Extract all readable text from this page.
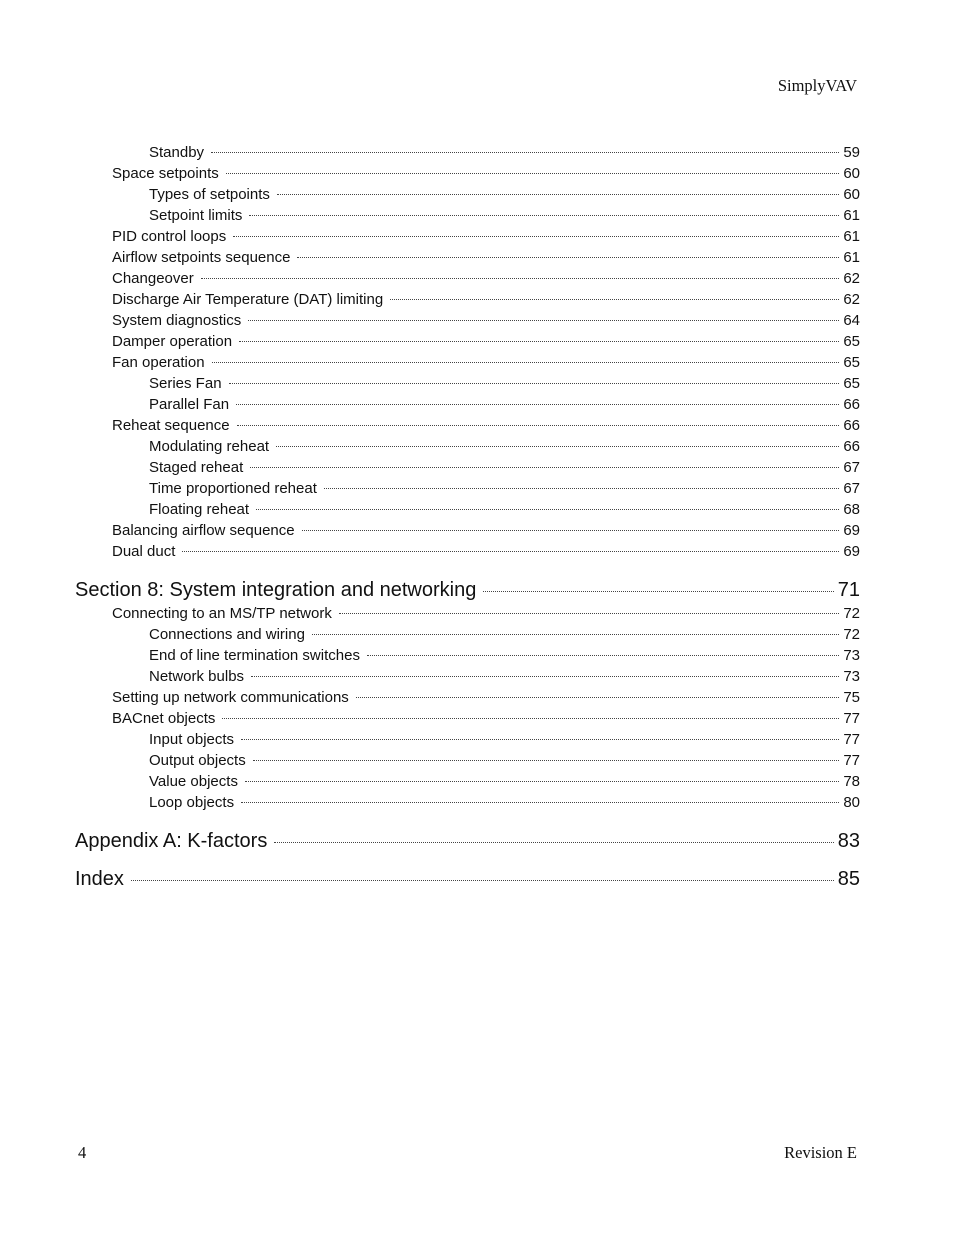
SimplyVAV
Standby	59
Space setpoints	60
Types of setpoints	60
Setpoint limits	61
PID control loops	61
Airflow setpoints sequence	61
Changeover	62
Discharge Air Temperature (DAT) limiting	62
System diagnostics	64
Damper operation	65
Fan operation	65
Series Fan	65
Parallel Fan	66
Reheat sequence	66
Modulating reheat	66
Staged reheat	67
Time proportioned reheat	67
Floating reheat	68
Balancing airflow sequence	69
Dual duct	69
Section 8: System integration and networking	71
Connecting to an MS/TP network	72
Connections and wiring	72
End of line termination switches	73
Network bulbs	73
Setting up network communications	75
BACnet objects	77
Input objects	77
Output objects	77
Value objects	78
Loop objects	80
Appendix A: K-factors	83
Index	85
4	Revision E
